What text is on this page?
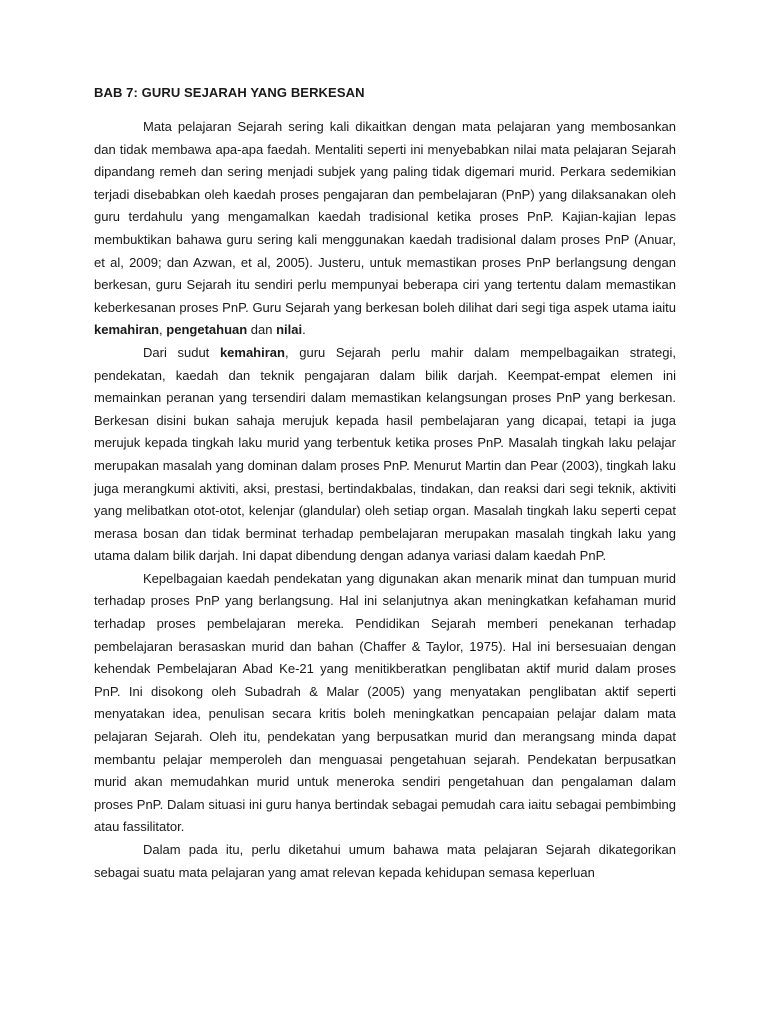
BAB 7: GURU SEJARAH YANG BERKESAN

Mata pelajaran Sejarah sering kali dikaitkan dengan mata pelajaran yang membosankan dan tidak membawa apa-apa faedah. Mentaliti seperti ini menyebabkan nilai mata pelajaran Sejarah dipandang remeh dan sering menjadi subjek yang paling tidak digemari murid. Perkara sedemikian terjadi disebabkan oleh kaedah proses pengajaran dan pembelajaran (PnP) yang dilaksanakan oleh guru terdahulu yang mengamalkan kaedah tradisional ketika proses PnP. Kajian-kajian lepas membuktikan bahawa guru sering kali menggunakan kaedah tradisional dalam proses PnP (Anuar, et al, 2009; dan Azwan, et al, 2005). Justeru, untuk memastikan proses PnP berlangsung dengan berkesan, guru Sejarah itu sendiri perlu mempunyai beberapa ciri yang tertentu dalam memastikan keberkesanan proses PnP. Guru Sejarah yang berkesan boleh dilihat dari segi tiga aspek utama iaitu kemahiran, pengetahuan dan nilai.

Dari sudut kemahiran, guru Sejarah perlu mahir dalam mempelbagaikan strategi, pendekatan, kaedah dan teknik pengajaran dalam bilik darjah. Keempat-empat elemen ini memainkan peranan yang tersendiri dalam memastikan kelangsungan proses PnP yang berkesan. Berkesan disini bukan sahaja merujuk kepada hasil pembelajaran yang dicapai, tetapi ia juga merujuk kepada tingkah laku murid yang terbentuk ketika proses PnP. Masalah tingkah laku pelajar merupakan masalah yang dominan dalam proses PnP. Menurut Martin dan Pear (2003), tingkah laku juga merangkumi aktiviti, aksi, prestasi, bertindakbalas, tindakan, dan reaksi dari segi teknik, aktiviti yang melibatkan otot-otot, kelenjar (glandular) oleh setiap organ. Masalah tingkah laku seperti cepat merasa bosan dan tidak berminat terhadap pembelajaran merupakan masalah tingkah laku yang utama dalam bilik darjah. Ini dapat dibendung dengan adanya variasi dalam kaedah PnP.

Kepelbagaian kaedah pendekatan yang digunakan akan menarik minat dan tumpuan murid terhadap proses PnP yang berlangsung. Hal ini selanjutnya akan meningkatkan kefahaman murid terhadap proses pembelajaran mereka. Pendidikan Sejarah memberi penekanan terhadap pembelajaran berasaskan murid dan bahan (Chaffer & Taylor, 1975). Hal ini bersesuaian dengan kehendak Pembelajaran Abad Ke-21 yang menitikberatkan penglibatan aktif murid dalam proses PnP. Ini disokong oleh Subadrah & Malar (2005) yang menyatakan penglibatan aktif seperti menyatakan idea, penulisan secara kritis boleh meningkatkan pencapaian pelajar dalam mata pelajaran Sejarah. Oleh itu, pendekatan yang berpusatkan murid dan merangsang minda dapat membantu pelajar memperoleh dan menguasai pengetahuan sejarah. Pendekatan berpusatkan murid akan memudahkan murid untuk meneroka sendiri pengetahuan dan pengalaman dalam proses PnP. Dalam situasi ini guru hanya bertindak sebagai pemudah cara iaitu sebagai pembimbing atau fassilitator.

Dalam pada itu, perlu diketahui umum bahawa mata pelajaran Sejarah dikategorikan sebagai suatu mata pelajaran yang amat relevan kepada kehidupan semasa keperluan
